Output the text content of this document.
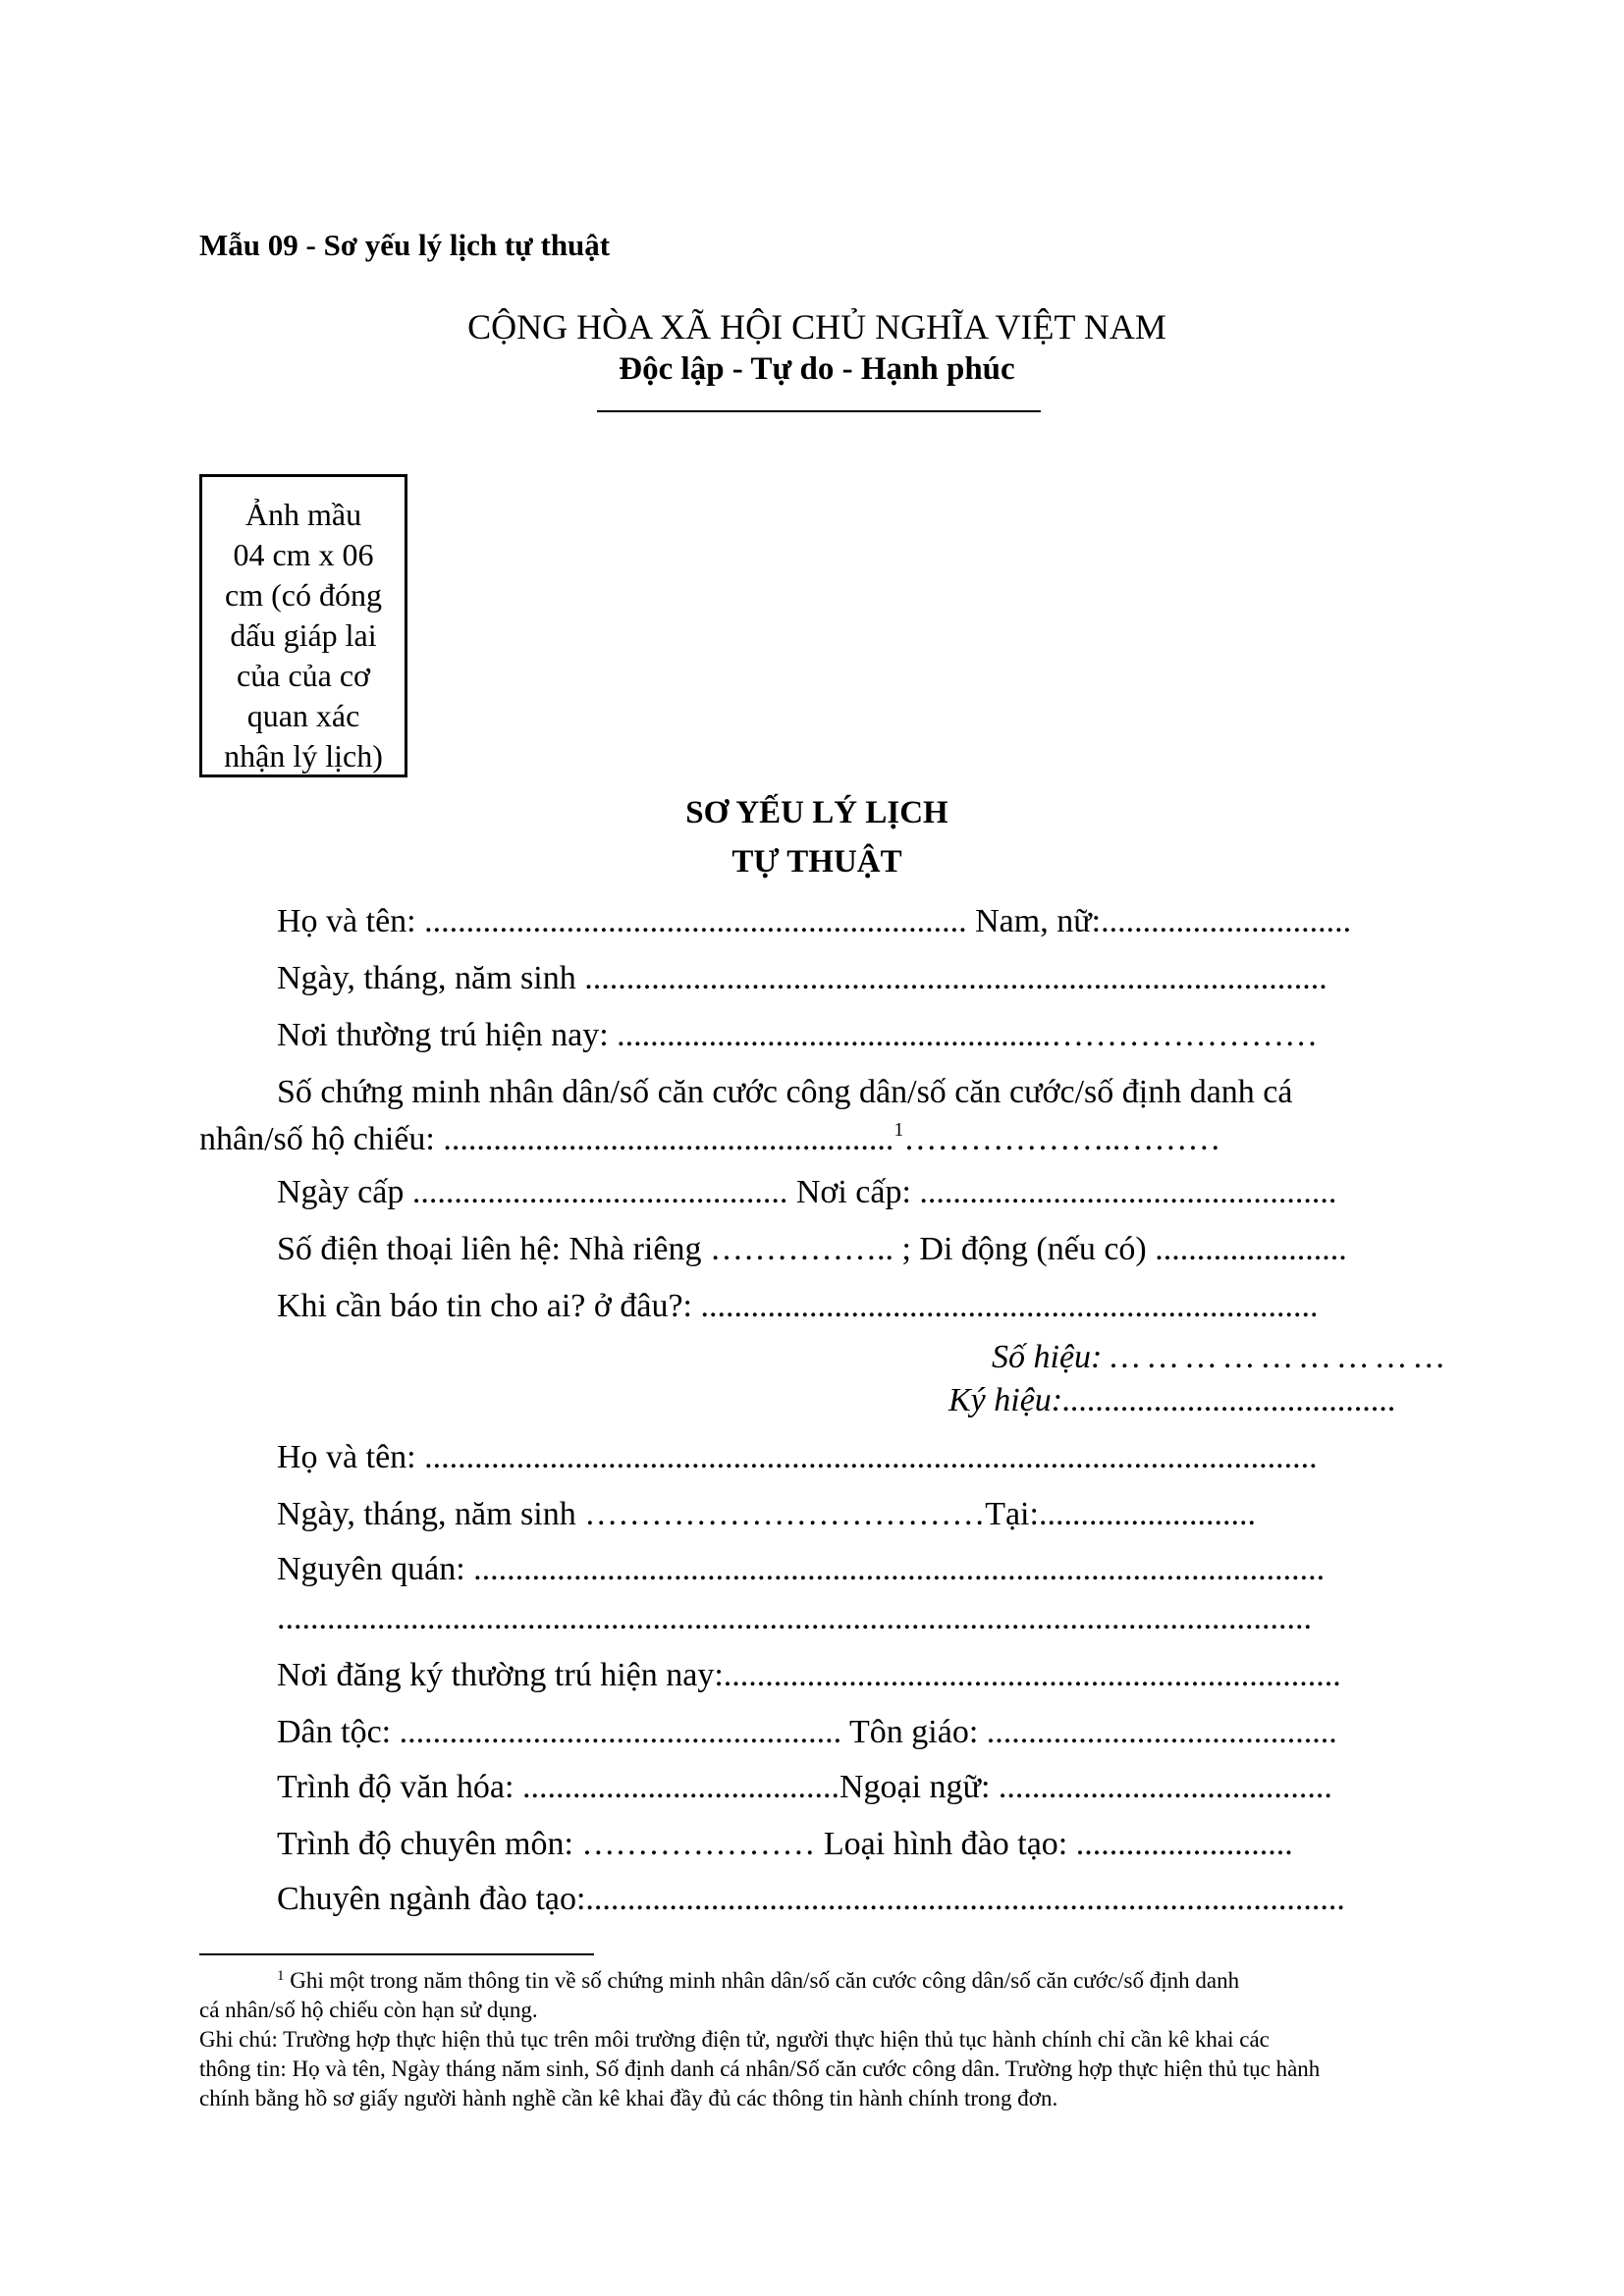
Mẫu 09 - Sơ yếu lý lịch tự thuật
CỘNG HÒA XÃ HỘI CHỦ NGHĨA VIỆT NAM
Độc lập - Tự do - Hạnh phúc
Ảnh mầu
04 cm x 06
cm (có đóng
dấu giáp lai
của của cơ
quan xác
nhận lý lịch)
SƠ YẾU LÝ LỊCH
TỰ THUẬT
Họ và tên: ................................................................. Nam, nữ:..............................
Ngày, tháng, năm sinh .........................................................................................
Nơi thường trú hiện nay: ....................................................……………………
Số chứng minh nhân dân/số căn cước công dân/số căn cước/số định danh cá
nhân/số hộ chiếu: ......................................................$^1$………………..………
Ngày cấp ............................................. Nơi cấp: ..................................................
Số điện thoại liên hệ: Nhà riêng …………….. ; Di động (nếu có) .......................
Khi cần báo tin cho ai? ở đâu?: ..........................................................................
Số hiệu: … … … … … … … … …
Ký hiệu:........................................
Họ và tên: ...........................................................................................................
Ngày, tháng, năm sinh ………………………………Tại:..........................
Nguyên quán: ......................................................................................................
............................................................................................................................
Nơi đăng ký thường trú hiện nay:..........................................................................
Dân tộc: ..................................................... Tôn giáo: ..........................................
Trình độ văn hóa: ......................................Ngoại ngữ: ........................................
Trình độ chuyên môn: ………………… Loại hình đào tạo: ..........................
Chuyên ngành đào tạo:...........................................................................................
$^1$ Ghi một trong năm thông tin về số chứng minh nhân dân/số căn cước công dân/số căn cước/số định danh
cá nhân/số hộ chiếu còn hạn sử dụng.
Ghi chú: Trường hợp thực hiện thủ tục trên môi trường điện tử, người thực hiện thủ tục hành chính chỉ cần kê khai các
thông tin: Họ và tên, Ngày tháng năm sinh, Số định danh cá nhân/Số căn cước công dân. Trường hợp thực hiện thủ tục hành
chính bằng hồ sơ giấy người hành nghề cần kê khai đầy đủ các thông tin hành chính trong đơn.
